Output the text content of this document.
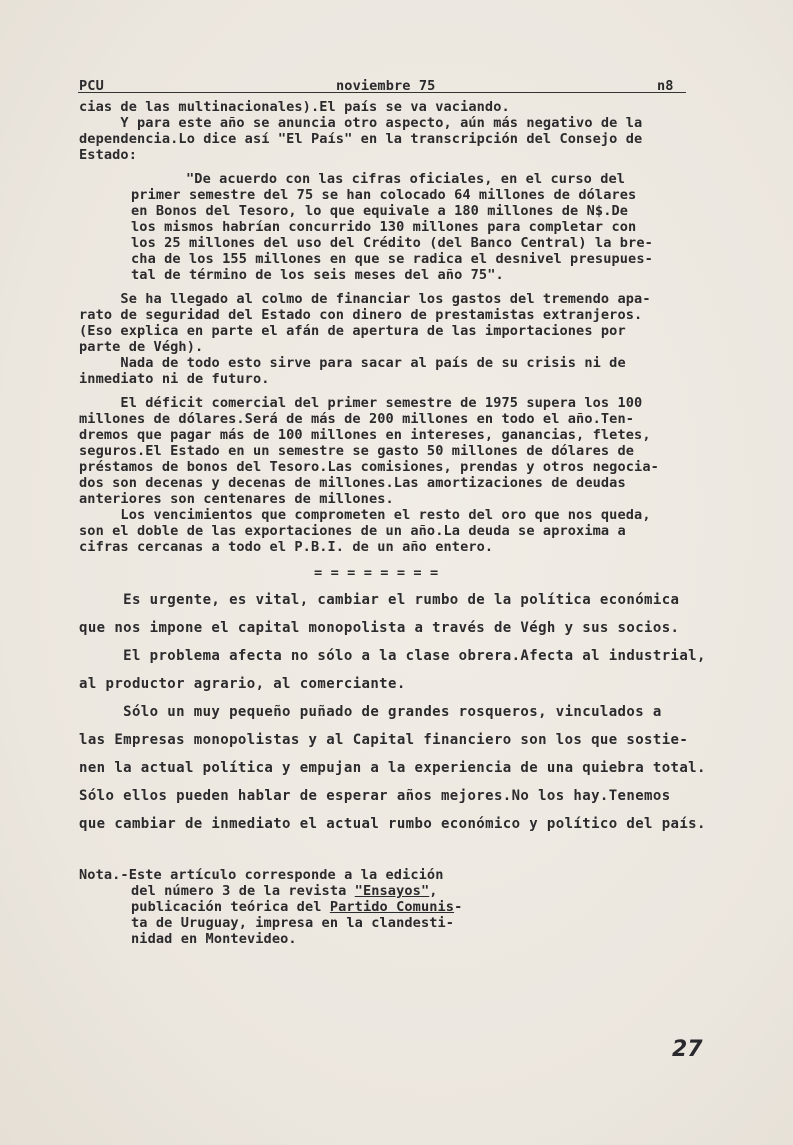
PCU	noviembre 75	n8
cias de las multinacionales).El país se va vaciando.
Y para este año se anuncia otro aspecto, aún más negativo de la
dependencia.Lo dice así "El País" en la transcripción del Consejo de
Estado:
"De acuerdo con las cifras oficiales, en el curso del
primer semestre del 75 se han colocado 64 millones de dólares
en Bonos del Tesoro, lo que equivale a 180 millones de N$.De
los mismos habrían concurrido 130 millones para completar con
los 25 millones del uso del Crédito (del Banco Central) la bre-
cha de los 155 millones en que se radica el desnivel presupues-
tal de término de los seis meses del año 75".
Se ha llegado al colmo de financiar los gastos del tremendo apa-
rato de seguridad del Estado con dinero de prestamistas extranjeros.
(Eso explica en parte el afán de apertura de las importaciones por
parte de Végh).
Nada de todo esto sirve para sacar al país de su crisis ni de
inmediato ni de futuro.
El déficit comercial del primer semestre de 1975 supera los 100
millones de dólares.Será de más de 200 millones en todo el año.Ten-
dremos que pagar más de 100 millones en intereses, ganancias, fletes,
seguros.El Estado en un semestre se gasto 50 millones de dólares de
préstamos de bonos del Tesoro.Las comisiones, prendas y otros negocia-
dos son decenas y decenas de millones.Las amortizaciones de deudas
anteriores son centenares de millones.
Los vencimientos que comprometen el resto del oro que nos queda,
son el doble de las exportaciones de un año.La deuda se aproxima a
cifras cercanas a todo el P.B.I. de un año entero.
= = = = = = = =
Es urgente, es vital, cambiar el rumbo de la política económica
que nos impone el capital monopolista a través de Végh y sus socios.
El problema afecta no sólo a la clase obrera.Afecta al industrial,
al productor agrario, al comerciante.
Sólo un muy pequeño puñado de grandes rosqueros, vinculados a
las Empresas monopolistas y al Capital financiero son los que sostie-
nen la actual política y empujan a la experiencia de una quiebra total.
Sólo ellos pueden hablar de esperar años mejores.No los hay.Tenemos
que cambiar de inmediato el actual rumbo económico y político del país.
Nota.-Este artículo corresponde a la edición
del número 3 de la revista "Ensayos",
publicación teórica del Partido Comunis-
ta de Uruguay, impresa en la clandesti-
nidad en Montevideo.
27
